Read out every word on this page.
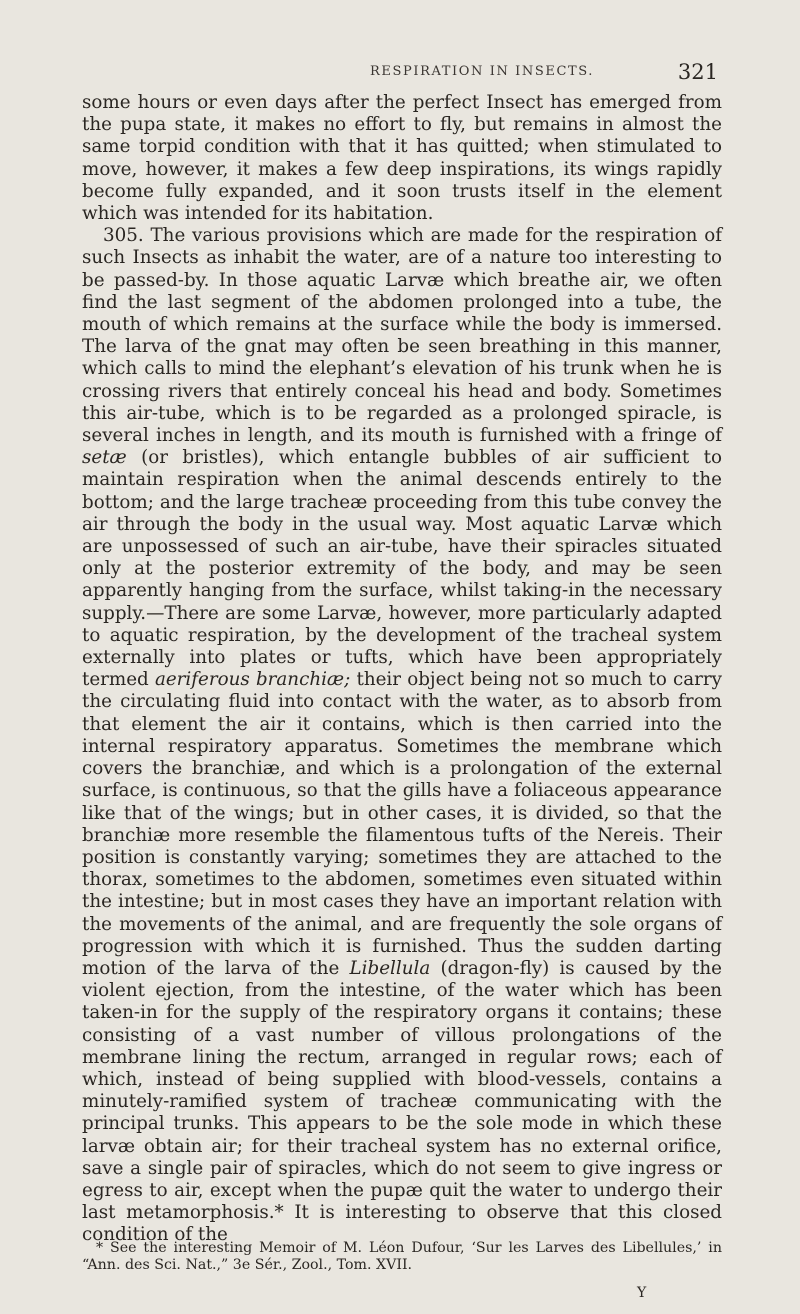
RESPIRATION IN INSECTS.	321

some hours or even days after the perfect Insect has emerged from the pupa state, it makes no effort to fly, but remains in almost the same torpid condition with that it has quitted; when stimulated to move, however, it makes a few deep inspirations, its wings rapidly become fully expanded, and it soon trusts itself in the element which was intended for its habitation.

305. The various provisions which are made for the respiration of such Insects as inhabit the water, are of a nature too interesting to be passed-by. In those aquatic Larvæ which breathe air, we often find the last segment of the abdomen prolonged into a tube, the mouth of which remains at the surface while the body is immersed. The larva of the gnat may often be seen breathing in this manner, which calls to mind the elephant’s elevation of his trunk when he is crossing rivers that entirely conceal his head and body. Sometimes this air-tube, which is to be regarded as a prolonged spiracle, is several inches in length, and its mouth is furnished with a fringe of setæ (or bristles), which entangle bubbles of air sufficient to maintain respiration when the animal descends entirely to the bottom; and the large tracheæ proceeding from this tube convey the air through the body in the usual way. Most aquatic Larvæ which are unpossessed of such an air-tube, have their spiracles situated only at the posterior extremity of the body, and may be seen apparently hanging from the surface, whilst taking-in the necessary supply.—There are some Larvæ, however, more particularly adapted to aquatic respiration, by the development of the tracheal system externally into plates or tufts, which have been appropriately termed aeriferous branchiæ; their object being not so much to carry the circulating fluid into contact with the water, as to absorb from that element the air it contains, which is then carried into the internal respiratory apparatus. Sometimes the membrane which covers the branchiæ, and which is a prolongation of the external surface, is continuous, so that the gills have a foliaceous appearance like that of the wings; but in other cases, it is divided, so that the branchiæ more resemble the filamentous tufts of the Nereis. Their position is constantly varying; sometimes they are attached to the thorax, sometimes to the abdomen, sometimes even situated within the intestine; but in most cases they have an important relation with the movements of the animal, and are frequently the sole organs of progression with which it is furnished. Thus the sudden darting motion of the larva of the Libellula (dragon-fly) is caused by the violent ejection, from the intestine, of the water which has been taken-in for the supply of the respiratory organs it contains; these consisting of a vast number of villous prolongations of the membrane lining the rectum, arranged in regular rows; each of which, instead of being supplied with blood-vessels, contains a minutely-ramified system of tracheæ communicating with the principal trunks. This appears to be the sole mode in which these larvæ obtain air; for their tracheal system has no external orifice, save a single pair of spiracles, which do not seem to give ingress or egress to air, except when the pupæ quit the water to undergo their last metamorphosis.* It is interesting to observe that this closed condition of the

* See the interesting Memoir of M. Léon Dufour, ‘Sur les Larves des Libellules,’ in “Ann. des Sci. Nat.,” 3e Sér., Zool., Tom. XVII.
Y
